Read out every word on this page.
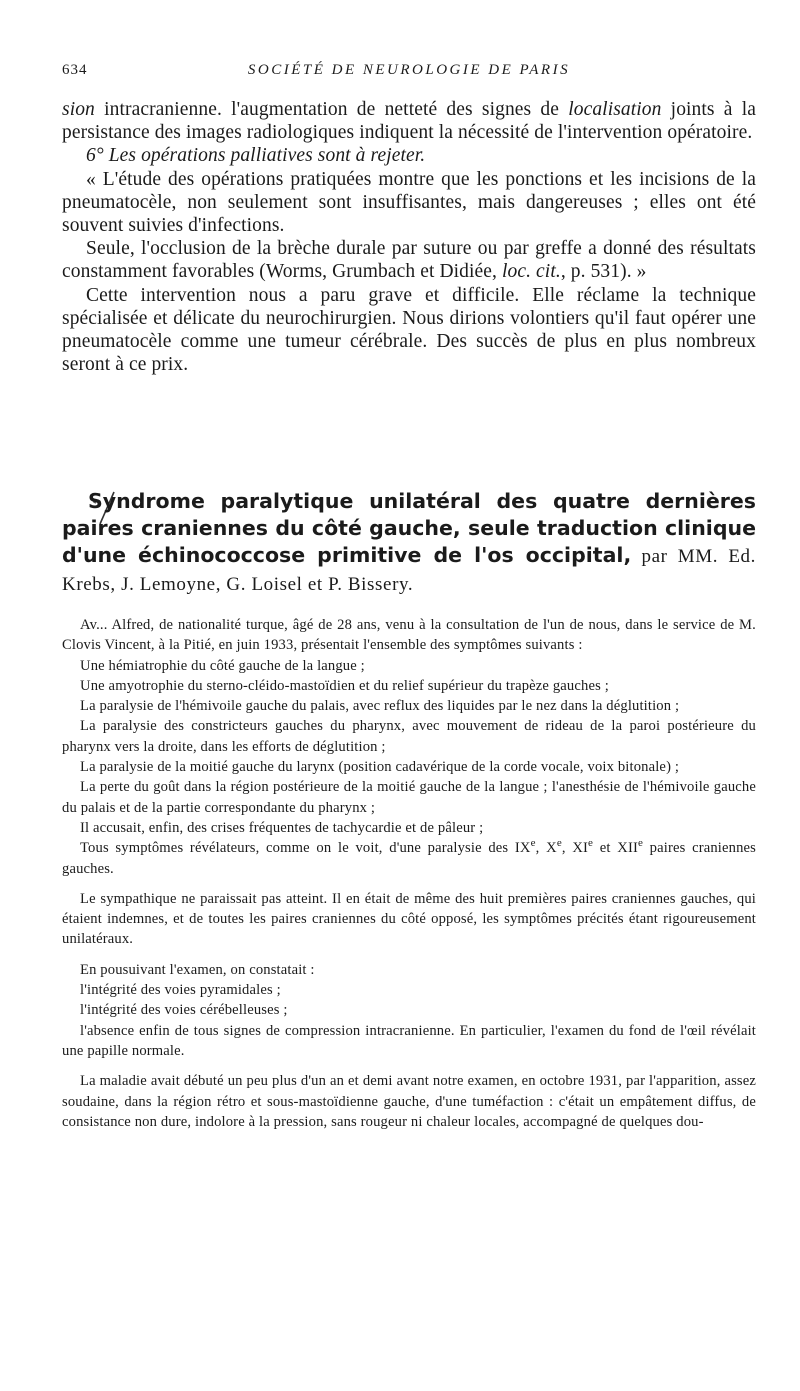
634	SOCIÉTÉ DE NEUROLOGIE DE PARIS

sion intracranienne. l'augmentation de netteté des signes de localisation joints à la persistance des images radiologiques indiquent la nécessité de l'intervention opératoire.

6° Les opérations palliatives sont à rejeter.

« L'étude des opérations pratiquées montre que les ponctions et les incisions de la pneumatocèle, non seulement sont insuffisantes, mais dangereuses ; elles ont été souvent suivies d'infections.

Seule, l'occlusion de la brèche durale par suture ou par greffe a donné des résultats constamment favorables (Worms, Grumbach et Didiée, loc. cit., p. 531). »

Cette intervention nous a paru grave et difficile. Elle réclame la technique spécialisée et délicate du neurochirurgien. Nous dirions volontiers qu'il faut opérer une pneumatocèle comme une tumeur cérébrale. Des succès de plus en plus nombreux seront à ce prix.

Syndrome paralytique unilatéral des quatre dernières paires craniennes du côté gauche, seule traduction clinique d'une échinococcose primitive de l'os occipital, par MM. Ed. Krebs, J. Lemoyne, G. Loisel et P. Bissery.

Av... Alfred, de nationalité turque, âgé de 28 ans, venu à la consultation de l'un de nous, dans le service de M. Clovis Vincent, à la Pitié, en juin 1933, présentait l'ensemble des symptômes suivants :

Une hémiatrophie du côté gauche de la langue ;

Une amyotrophie du sterno-cléido-mastoïdien et du relief supérieur du trapèze gauches ;

La paralysie de l'hémivoile gauche du palais, avec reflux des liquides par le nez dans la déglutition ;

La paralysie des constricteurs gauches du pharynx, avec mouvement de rideau de la paroi postérieure du pharynx vers la droite, dans les efforts de déglutition ;

La paralysie de la moitié gauche du larynx (position cadavérique de la corde vocale, voix bitonale) ;

La perte du goût dans la région postérieure de la moitié gauche de la langue ; l'anesthésie de l'hémivoile gauche du palais et de la partie correspondante du pharynx ;

Il accusait, enfin, des crises fréquentes de tachycardie et de pâleur ;

Tous symptômes révélateurs, comme on le voit, d'une paralysie des IXe, Xe, XIe et XIIe paires craniennes gauches.

Le sympathique ne paraissait pas atteint. Il en était de même des huit premières paires craniennes gauches, qui étaient indemnes, et de toutes les paires craniennes du côté opposé, les symptômes précités étant rigoureusement unilatéraux.

En pousuivant l'examen, on constatait :

l'intégrité des voies pyramidales ;

l'intégrité des voies cérébelleuses ;

l'absence enfin de tous signes de compression intracranienne. En particulier, l'examen du fond de l'œil révélait une papille normale.

La maladie avait débuté un peu plus d'un an et demi avant notre examen, en octobre 1931, par l'apparition, assez soudaine, dans la région rétro et sous-mastoïdienne gauche, d'une tuméfaction : c'était un empâtement diffus, de consistance non dure, indolore à la pression, sans rougeur ni chaleur locales, accompagné de quelques dou-
